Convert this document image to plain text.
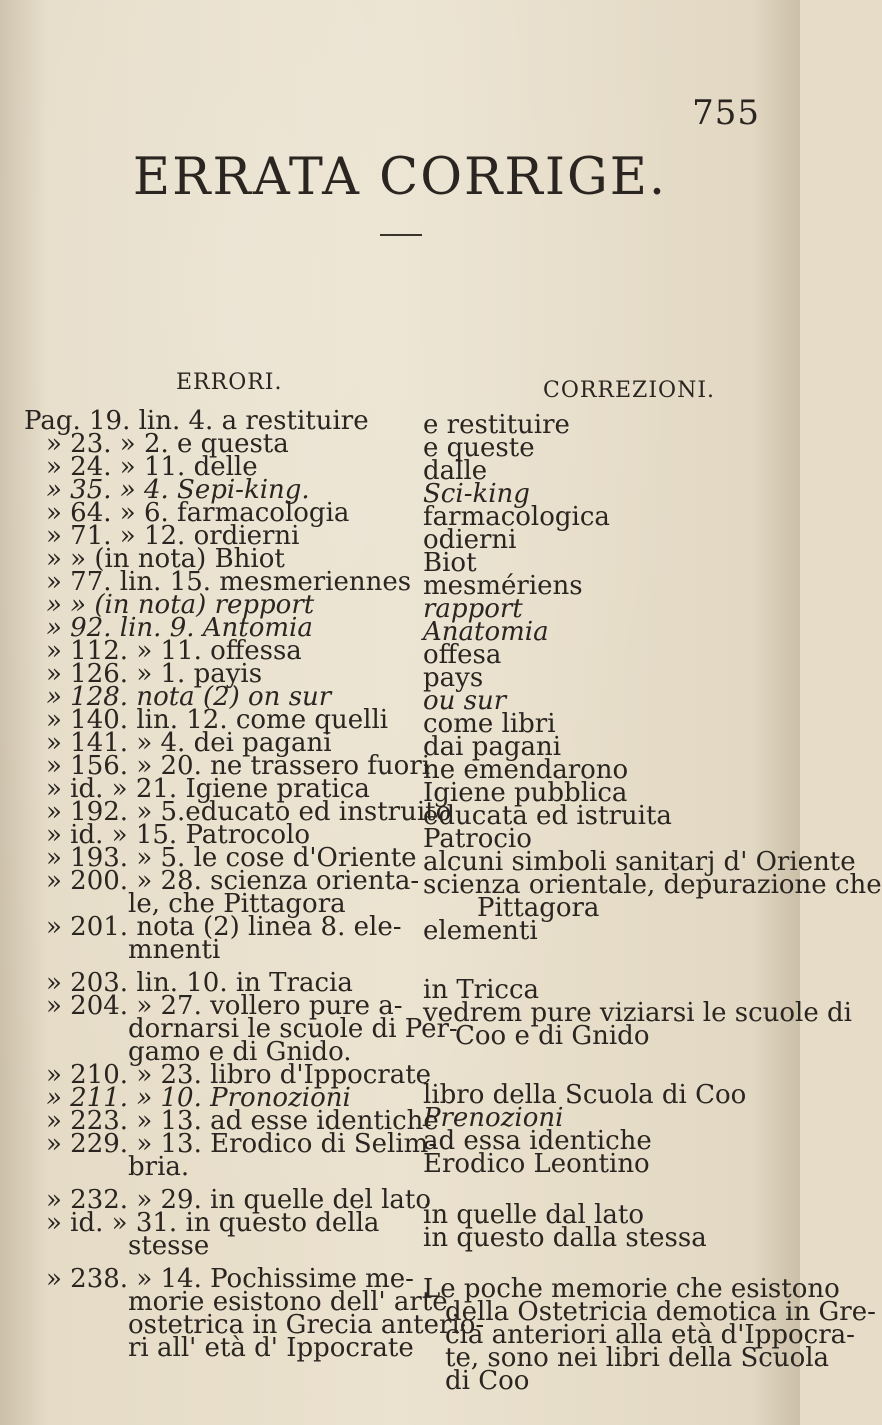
755
ERRATA CORRIGE.
ERRORI.	CORREZIONI.
Pag. 19. lin. 4. a restituire
» 23. » 2. e questa
» 24. » 11. delle
» 35. » 4. Sepi-king.
» 64. » 6. farmacologia
» 71. » 12. ordierni
» » (in nota) Bhiot
» 77. lin. 15. mesmeriennes
» » (in nota) repport
» 92. lin. 9. Antomia
» 112. » 11. offessa
» 126. » 1. payis
» 128. nota (2) on sur
» 140. lin. 12. come quelli
» 141. » 4. dei pagani
» 156. » 20. ne trassero fuori
» id. » 21. Igiene pratica
» 192. » 5.educato ed instruito
» id. » 15. Patrocolo
» 193. » 5. le cose d'Oriente
» 200. » 28. scienza orienta-
le, che Pittagora
» 201. nota (2) linea 8. ele-
mnenti
» 203. lin. 10. in Tracia
» 204. » 27. vollero pure a-
dornarsi le scuole di Per-
gamo e di Gnido.
» 210. » 23. libro d'Ippocrate
» 211. » 10. Pronozioni
» 223. » 13. ad esse identiche
» 229. » 13. Erodico di Selim-
bria.
» 232. » 29. in quelle del lato
» id. » 31. in questo della
stesse
» 238. » 14. Pochissime me-
morie esistono dell' arte
ostetrica in Grecia anterio-
ri all' età d' Ippocrate
e restituire
e queste
dalle
Sci-king
farmacologica
odierni
Biot
mesmériens
rapport
Anatomia
offesa
pays
ou sur
come libri
dai pagani
ne emendarono
Igiene pubblica
educata ed istruita
Patrocio
alcuni simboli sanitarj d' Oriente
scienza orientale, depurazione che
Pittagora
elementi
in Tricca
vedrem pure viziarsi le scuole di
Coo e di Gnido
libro della Scuola di Coo
Prenozioni
ad essa identiche
Erodico Leontino
in quelle dal lato
in questo dalla stessa
Le poche memorie che esistono
della Ostetricia demotica in Gre-
cia anteriori alla età d'Ippocra-
te, sono nei libri della Scuola
di Coo
